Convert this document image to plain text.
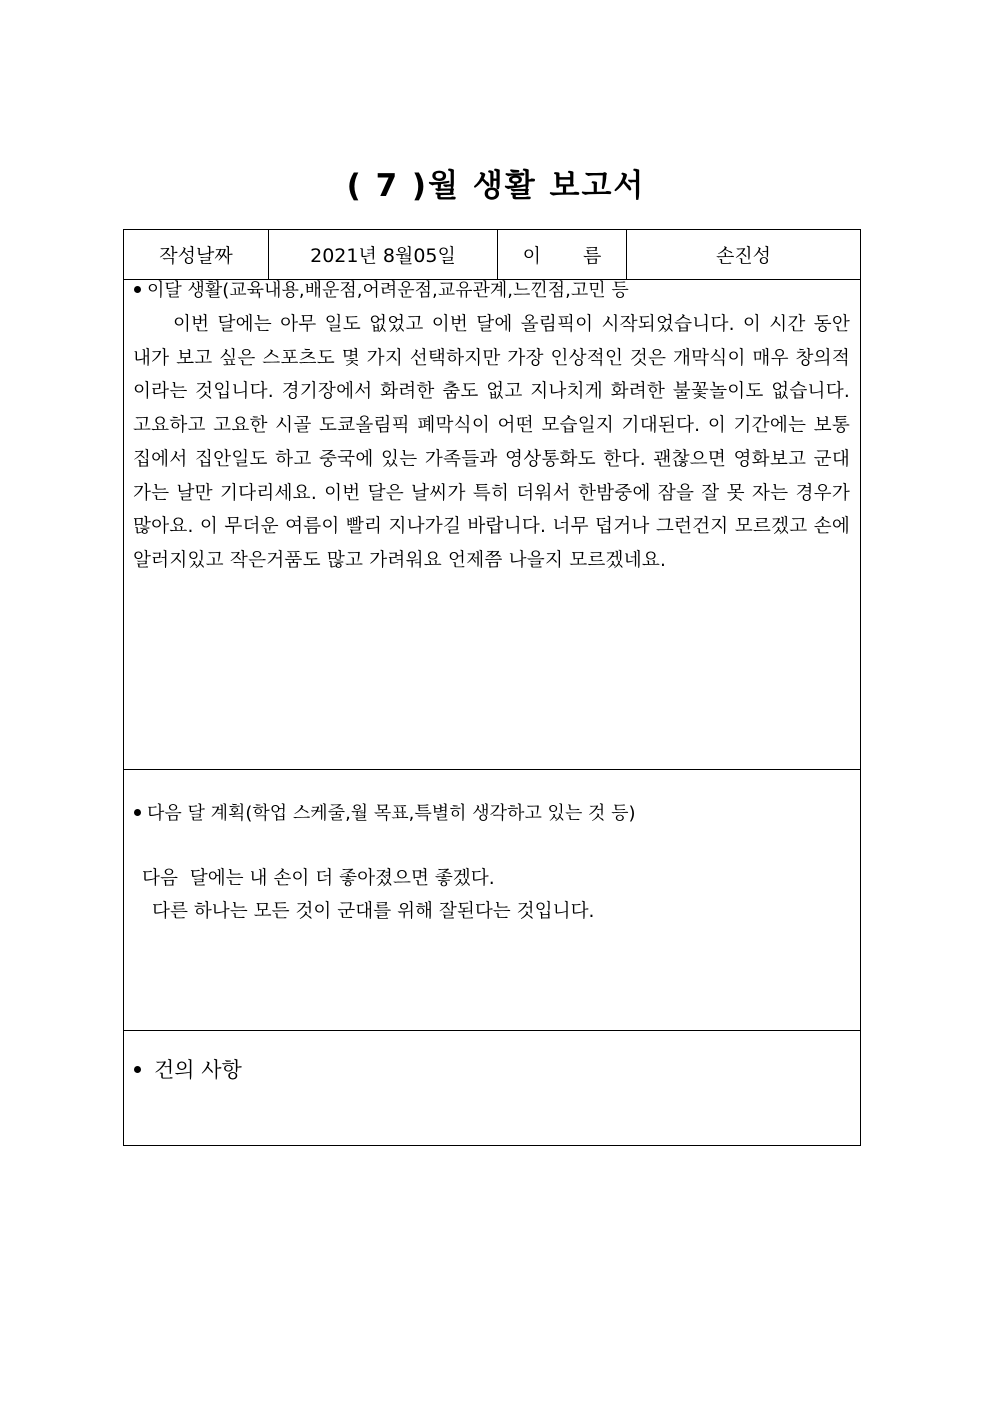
( 7 )월 생활 보고서
작성날짜	2021년 8월05일	이 름	손진성
이달 생활(교육내용,배운점,어려운점,교유관계,느낀점,고민 등
이번 달에는 아무 일도 없었고 이번 달에 올림픽이 시작되었습니다. 이 시간 동안 내가 보고 싶은 스포츠도 몇 가지 선택하지만 가장 인상적인 것은 개막식이 매우 창의적이라는 것입니다. 경기장에서 화려한 춤도 없고 지나치게 화려한 불꽃놀이도 없습니다. 고요하고 고요한 시골 도쿄올림픽 폐막식이 어떤 모습일지 기대된다. 이 기간에는 보통 집에서 집안일도 하고 중국에 있는 가족들과 영상통화도 한다. 괜찮으면 영화보고 군대 가는 날만 기다리세요. 이번 달은 날씨가 특히 더워서 한밤중에 잠을 잘 못 자는 경우가 많아요. 이 무더운 여름이 빨리 지나가길 바랍니다. 너무 덥거나 그런건지 모르겠고 손에 알러지있고 작은거품도 많고 가려워요 언제쯤 나을지 모르겠네요.
다음 달 계획(학업 스케줄,월 목표,특별히 생각하고 있는 것 등)
다음  달에는 내 손이 더 좋아졌으면 좋겠다.
다른 하나는 모든 것이 군대를 위해 잘된다는 것입니다.
건의 사항
